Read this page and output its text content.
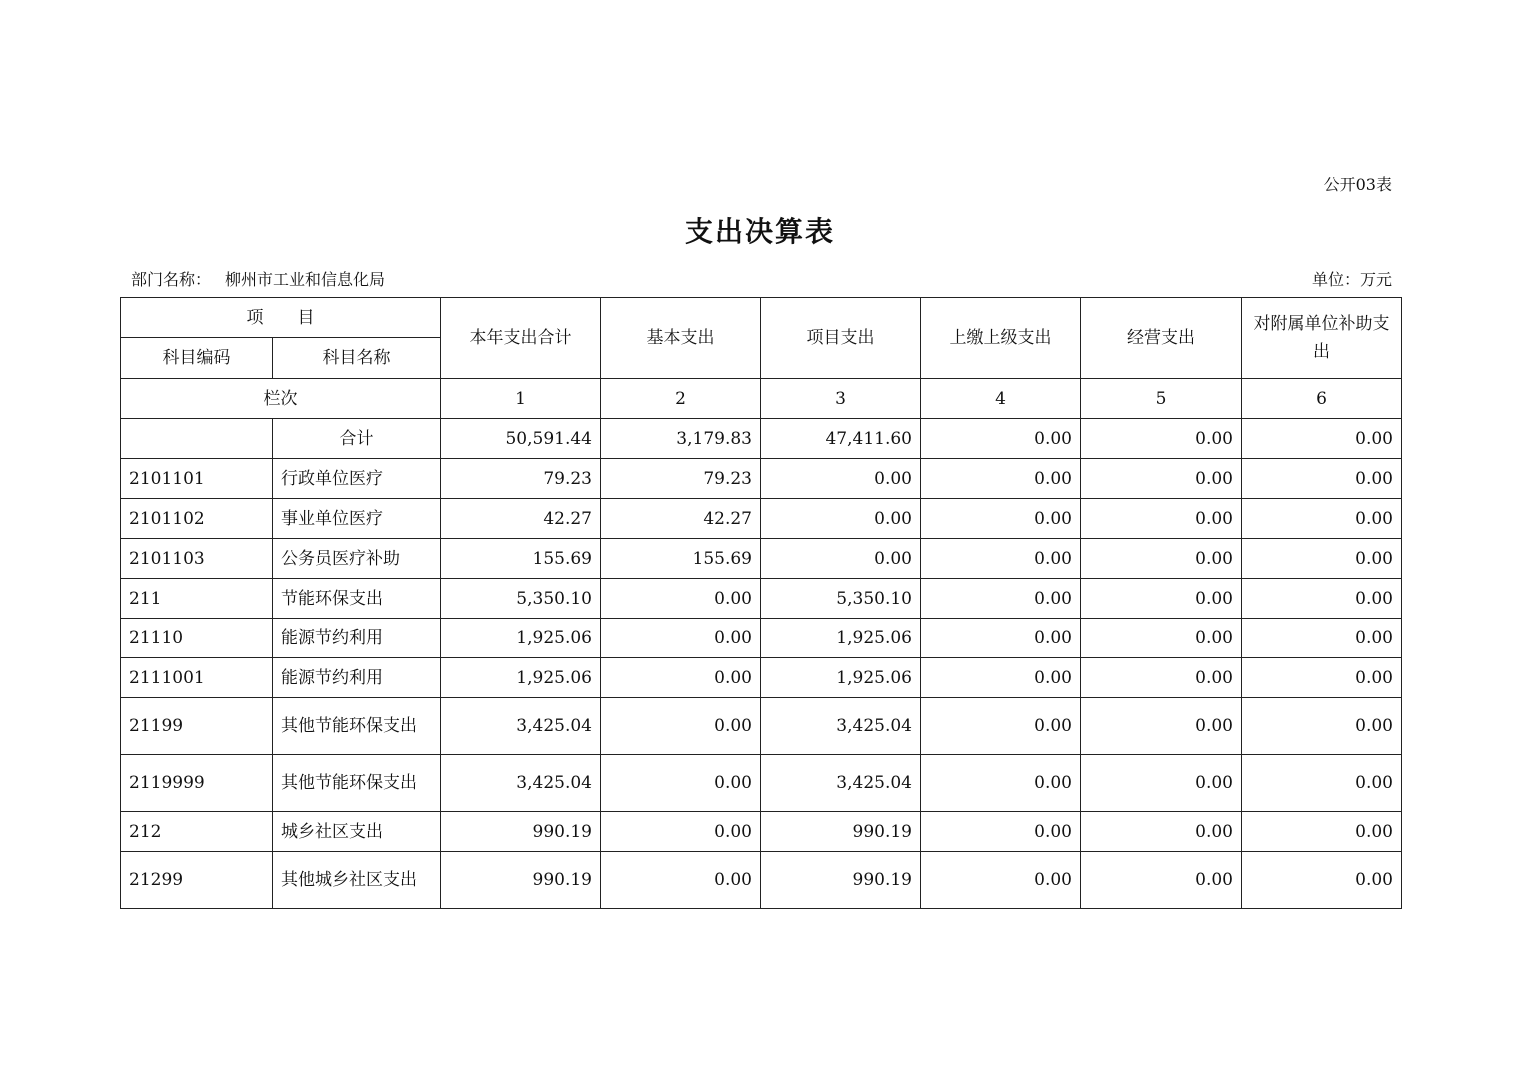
公开03表
支出决算表
部门名称： 柳州市工业和信息化局	单位：万元
项　　目		本年支出合计	基本支出	项目支出	上缴上级支出	经营支出	对附属单位补助支出
科目编码	科目名称						
栏次		1	2	3	4	5	6
	合计	50,591.44	3,179.83	47,411.60	0.00	0.00	0.00
2101101	行政单位医疗	79.23	79.23	0.00	0.00	0.00	0.00
2101102	事业单位医疗	42.27	42.27	0.00	0.00	0.00	0.00
2101103	公务员医疗补助	155.69	155.69	0.00	0.00	0.00	0.00
211	节能环保支出	5,350.10	0.00	5,350.10	0.00	0.00	0.00
21110	能源节约利用	1,925.06	0.00	1,925.06	0.00	0.00	0.00
2111001	能源节约利用	1,925.06	0.00	1,925.06	0.00	0.00	0.00
21199	其他节能环保支出	3,425.04	0.00	3,425.04	0.00	0.00	0.00
2119999	其他节能环保支出	3,425.04	0.00	3,425.04	0.00	0.00	0.00
212	城乡社区支出	990.19	0.00	990.19	0.00	0.00	0.00
21299	其他城乡社区支出	990.19	0.00	990.19	0.00	0.00	0.00
